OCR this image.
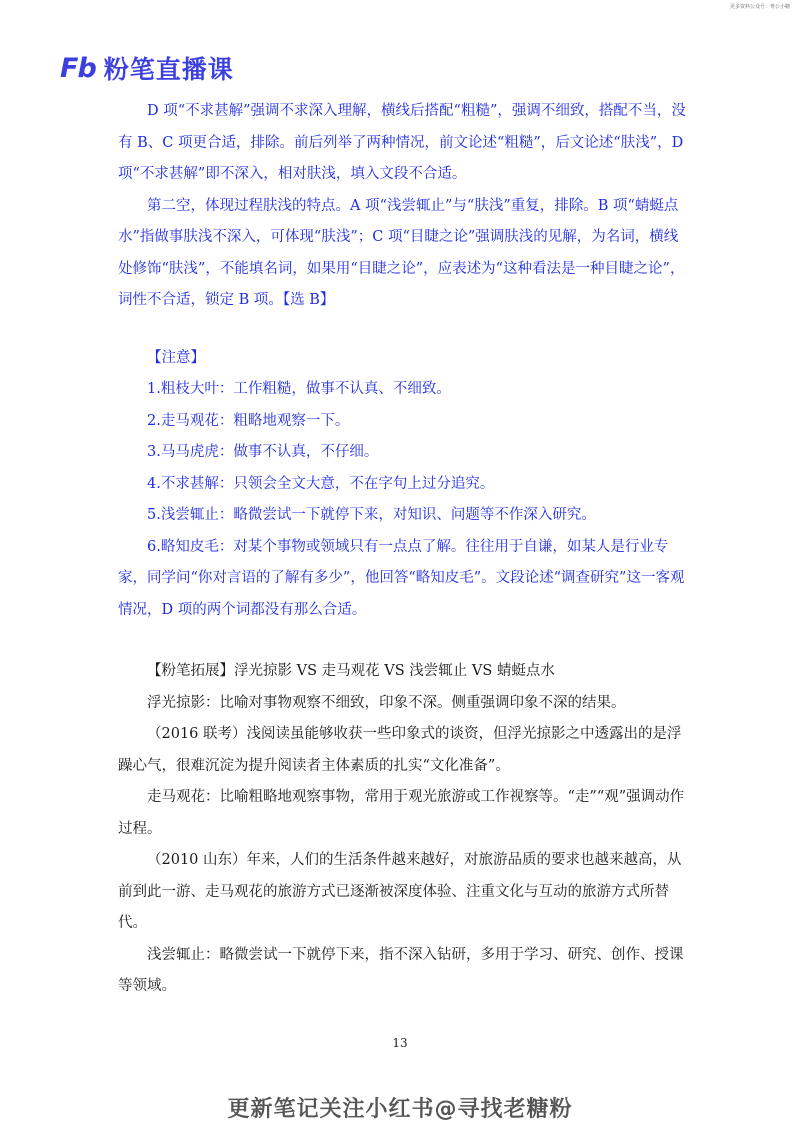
更多资料公众号：粤公小糖
Fb 粉笔直播课

D 项“不求甚解”强调不求深入理解，横线后搭配“粗糙”，强调不细致，搭配不当，没有 B、C 项更合适，排除。前后列举了两种情况，前文论述“粗糙”，后文论述“肤浅”，D 项“不求甚解”即不深入，相对肤浅，填入文段不合适。

第二空，体现过程肤浅的特点。A 项“浅尝辄止”与“肤浅”重复，排除。B 项“蜻蜓点水”指做事肤浅不深入，可体现“肤浅”；C 项“目睫之论”强调肤浅的见解，为名词，横线处修饰“肤浅”，不能填名词，如果用“目睫之论”，应表述为“这种看法是一种目睫之论”，词性不合适，锁定 B 项。【选 B】

【注意】

1.粗枝大叶：工作粗糙，做事不认真、不细致。

2.走马观花：粗略地观察一下。

3.马马虎虎：做事不认真，不仔细。

4.不求甚解：只领会全文大意，不在字句上过分追究。

5.浅尝辄止：略微尝试一下就停下来，对知识、问题等不作深入研究。

6.略知皮毛：对某个事物或领域只有一点点了解。往往用于自谦，如某人是行业专家，同学问“你对言语的了解有多少”，他回答“略知皮毛”。文段论述“调查研究”这一客观情况，D 项的两个词都没有那么合适。

【粉笔拓展】浮光掠影 VS 走马观花 VS 浅尝辄止 VS 蜻蜓点水

浮光掠影：比喻对事物观察不细致，印象不深。侧重强调印象不深的结果。

（2016 联考）浅阅读虽能够收获一些印象式的谈资，但浮光掠影之中透露出的是浮躁心气，很难沉淀为提升阅读者主体素质的扎实“文化准备”。

走马观花：比喻粗略地观察事物，常用于观光旅游或工作视察等。“走”“观”强调动作过程。

（2010 山东）年来，人们的生活条件越来越好，对旅游品质的要求也越来越高，从前到此一游、走马观花的旅游方式已逐渐被深度体验、注重文化与互动的旅游方式所替代。

浅尝辄止：略微尝试一下就停下来，指不深入钻研，多用于学习、研究、创作、授课等领域。

13
更新笔记关注小红书@寻找老糖粉
